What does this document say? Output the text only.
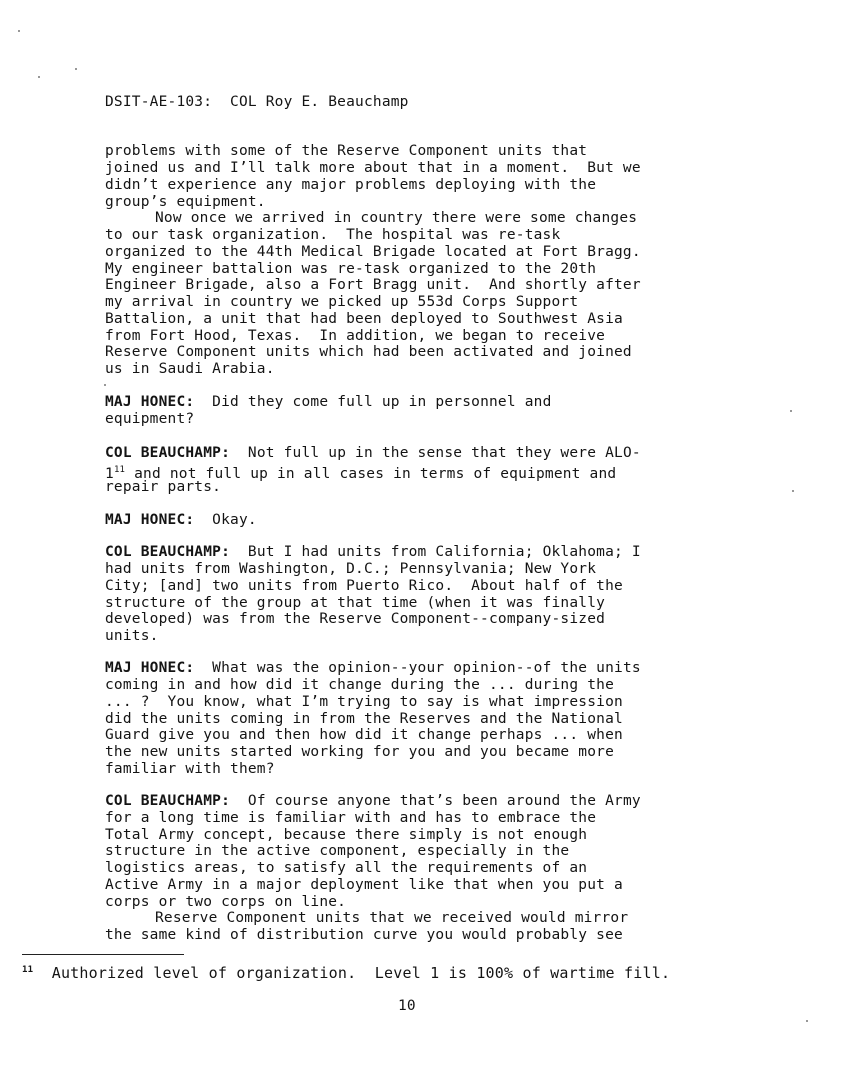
DSIT-AE-103:  COL Roy E. Beauchamp
problems with some of the Reserve Component units that
joined us and I’ll talk more about that in a moment.  But we
didn’t experience any major problems deploying with the
group’s equipment.
Now once we arrived in country there were some changes
to our task organization.  The hospital was re-task
organized to the 44th Medical Brigade located at Fort Bragg.
My engineer battalion was re-task organized to the 20th
Engineer Brigade, also a Fort Bragg unit.  And shortly after
my arrival in country we picked up 553d Corps Support
Battalion, a unit that had been deployed to Southwest Asia
from Fort Hood, Texas.  In addition, we began to receive
Reserve Component units which had been activated and joined
us in Saudi Arabia.
MAJ HONEC:  Did they come full up in personnel and
equipment?
COL BEAUCHAMP:  Not full up in the sense that they were ALO-
$1^{11}$ and not full up in all cases in terms of equipment and
repair parts.
MAJ HONEC:  Okay.
COL BEAUCHAMP:  But I had units from California; Oklahoma; I
had units from Washington, D.C.; Pennsylvania; New York
City; [and] two units from Puerto Rico.  About half of the
structure of the group at that time (when it was finally
developed) was from the Reserve Component--company-sized
units.
MAJ HONEC:  What was the opinion--your opinion--of the units
coming in and how did it change during the ... during the
... ?  You know, what I’m trying to say is what impression
did the units coming in from the Reserves and the National
Guard give you and then how did it change perhaps ... when
the new units started working for you and you became more
familiar with them?
COL BEAUCHAMP:  Of course anyone that’s been around the Army
for a long time is familiar with and has to embrace the
Total Army concept, because there simply is not enough
structure in the active component, especially in the
logistics areas, to satisfy all the requirements of an
Active Army in a major deployment like that when you put a
corps or two corps on line.
Reserve Component units that we received would mirror
the same kind of distribution curve you would probably see
$^{11}$  Authorized level of organization.  Level 1 is 100% of wartime fill.
10
